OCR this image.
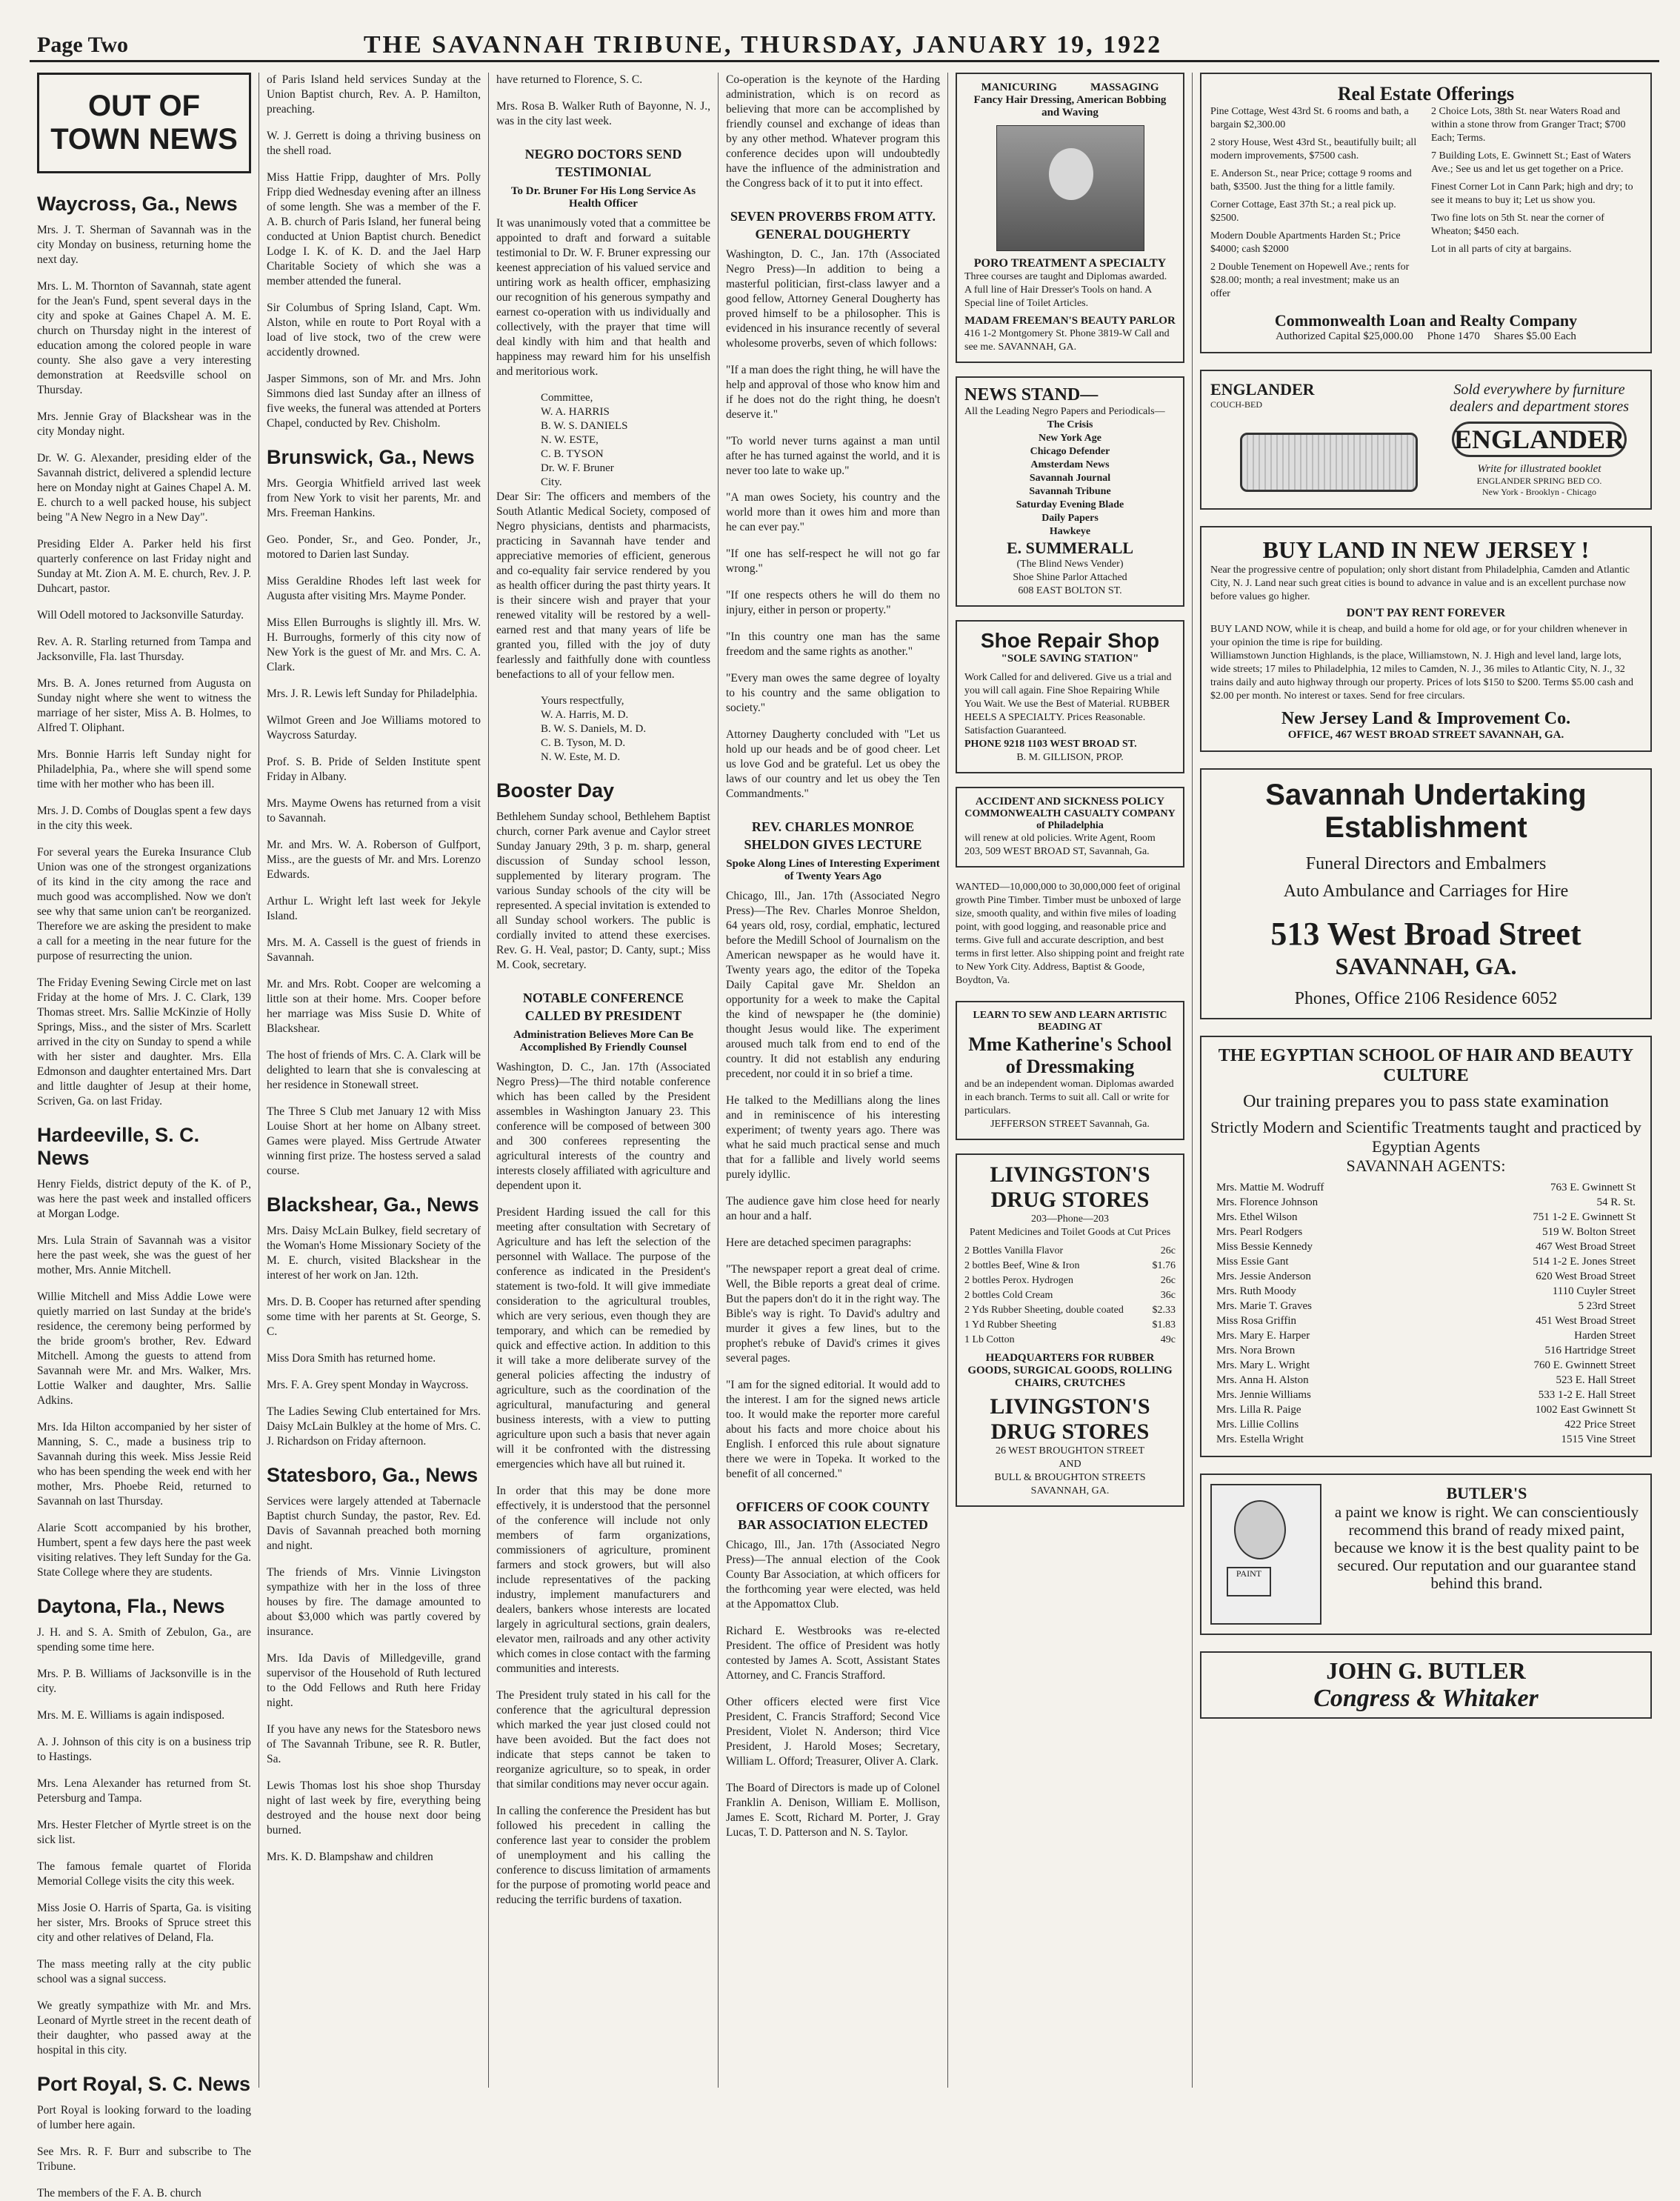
Page Two	THE SAVANNAH TRIBUNE, THURSDAY, JANUARY 19, 1922
OUT OF TOWN NEWS
Waycross, Ga., News

Mrs. J. T. Sherman of Savannah was in the city Monday on business, returning home the next day.

Mrs. L. M. Thornton of Savannah, state agent for the Jean's Fund, spent several days in the city and spoke at Gaines Chapel A. M. E. church on Thursday night in the interest of education among the colored people in ware county. She also gave a very interesting demonstration at Reedsville school on Thursday.

Mrs. Jennie Gray of Blackshear was in the city Monday night.

Dr. W. G. Alexander, presiding elder of the Savannah district, delivered a splendid lecture here on Monday night at Gaines Chapel A. M. E. church to a well packed house, his subject being "A New Negro in a New Day".

Presiding Elder A. Parker held his first quarterly conference on last Friday night and Sunday at Mt. Zion A. M. E. church, Rev. J. P. Duhcart, pastor.

Will Odell motored to Jacksonville Saturday.

Rev. A. R. Starling returned from Tampa and Jacksonville, Fla. last Thursday.

Mrs. B. A. Jones returned from Augusta on Sunday night where she went to witness the marriage of her sister, Miss A. B. Holmes, to Alfred T. Oliphant.

Mrs. Bonnie Harris left Sunday night for Philadelphia, Pa., where she will spend some time with her mother who has been ill.

Mrs. J. D. Combs of Douglas spent a few days in the city this week.

For several years the Eureka Insurance Club Union was one of the strongest organizations of its kind in the city among the race and much good was accomplished. Now we don't see why that same union can't be reorganized. Therefore we are asking the president to make a call for a meeting in the near future for the purpose of resurrecting the union.

The Friday Evening Sewing Circle met on last Friday at the home of Mrs. J. C. Clark, 139 Thomas street. Mrs. Sallie McKinzie of Holly Springs, Miss., and the sister of Mrs. Scarlett arrived in the city on Sunday to spend a while with her sister and daughter. Mrs. Ella Edmonson and daughter entertained Mrs. Dart and little daughter of Jesup at their home, Scriven, Ga. on last Friday.

Hardeeville, S. C. News

Henry Fields, district deputy of the K. of P., was here the past week and installed officers at Morgan Lodge.

Mrs. Lula Strain of Savannah was a visitor here the past week, she was the guest of her mother, Mrs. Annie Mitchell.

Willie Mitchell and Miss Addie Lowe were quietly married on last Sunday at the bride's residence, the ceremony being performed by the bride groom's brother, Rev. Edward Mitchell. Among the guests to attend from Savannah were Mr. and Mrs. Walker, Mrs. Lottie Walker and daughter, Mrs. Sallie Adkins.

Mrs. Ida Hilton accompanied by her sister of Manning, S. C., made a business trip to Savannah during this week. Miss Jessie Reid who has been spending the week end with her mother, Mrs. Phoebe Reid, returned to Savannah on last Thursday.

Alarie Scott accompanied by his brother, Humbert, spent a few days here the past week visiting relatives. They left Sunday for the Ga. State College where they are students.

Daytona, Fla., News

J. H. and S. A. Smith of Zebulon, Ga., are spending some time here.

Mrs. P. B. Williams of Jacksonville is in the city.

Mrs. M. E. Williams is again indisposed.

A. J. Johnson of this city is on a business trip to Hastings.

Mrs. Lena Alexander has returned from St. Petersburg and Tampa.

Mrs. Hester Fletcher of Myrtle street is on the sick list.

The famous female quartet of Florida Memorial College visits the city this week.

Miss Josie O. Harris of Sparta, Ga. is visiting her sister, Mrs. Brooks of Spruce street this city and other relatives of Deland, Fla.

The mass meeting rally at the city public school was a signal success.

We greatly sympathize with Mr. and Mrs. Leonard of Myrtle street in the recent death of their daughter, who passed away at the hospital in this city.

Port Royal, S. C. News

Port Royal is looking forward to the loading of lumber here again.

See Mrs. R. F. Burr and subscribe to The Tribune.

The members of the F. A. B. church

of Paris Island held services Sunday at the Union Baptist church, Rev. A. P. Hamilton, preaching.

W. J. Gerrett is doing a thriving business on the shell road.

Miss Hattie Fripp, daughter of Mrs. Polly Fripp died Wednesday evening after an illness of some length. She was a member of the F. A. B. church of Paris Island, her funeral being conducted at Union Baptist church. Benedict Lodge I. K. of K. D. and the Jael Harp Charitable Society of which she was a member attended the funeral.

Sir Columbus of Spring Island, Capt. Wm. Alston, while en route to Port Royal with a load of live stock, two of the crew were accidently drowned.

Jasper Simmons, son of Mr. and Mrs. John Simmons died last Sunday after an illness of five weeks, the funeral was attended at Porters Chapel, conducted by Rev. Chisholm.

Brunswick, Ga., News

Mrs. Georgia Whitfield arrived last week from New York to visit her parents, Mr. and Mrs. Freeman Hankins.

Geo. Ponder, Sr., and Geo. Ponder, Jr., motored to Darien last Sunday.

Miss Geraldine Rhodes left last week for Augusta after visiting Mrs. Mayme Ponder.

Miss Ellen Burroughs is slightly ill. Mrs. W. H. Burroughs, formerly of this city now of New York is the guest of Mr. and Mrs. C. A. Clark.

Mrs. J. R. Lewis left Sunday for Philadelphia.

Wilmot Green and Joe Williams motored to Waycross Saturday.

Prof. S. B. Pride of Selden Institute spent Friday in Albany.

Mrs. Mayme Owens has returned from a visit to Savannah.

Mr. and Mrs. W. A. Roberson of Gulfport, Miss., are the guests of Mr. and Mrs. Lorenzo Edwards.

Arthur L. Wright left last week for Jekyle Island.

Mrs. M. A. Cassell is the guest of friends in Savannah.

Mr. and Mrs. Robt. Cooper are welcoming a little son at their home. Mrs. Cooper before her marriage was Miss Susie D. White of Blackshear.

The host of friends of Mrs. C. A. Clark will be delighted to learn that she is convalescing at her residence in Stonewall street.

The Three S Club met January 12 with Miss Louise Short at her home on Albany street. Games were played. Miss Gertrude Atwater winning first prize. The hostess served a salad course.

Blackshear, Ga., News

Mrs. Daisy McLain Bulkey, field secretary of the Woman's Home Missionary Society of the M. E. church, visited Blackshear in the interest of her work on Jan. 12th.

Mrs. D. B. Cooper has returned after spending some time with her parents at St. George, S. C.

Miss Dora Smith has returned home.

Mrs. F. A. Grey spent Monday in Waycross.

The Ladies Sewing Club entertained for Mrs. Daisy McLain Bulkley at the home of Mrs. C. J. Richardson on Friday afternoon.

Statesboro, Ga., News

Services were largely attended at Tabernacle Baptist church Sunday, the pastor, Rev. Ed. Davis of Savannah preached both morning and night.

The friends of Mrs. Vinnie Livingston sympathize with her in the loss of three houses by fire. The damage amounted to about $3,000 which was partly covered by insurance.

Mrs. Ida Davis of Milledgeville, grand supervisor of the Household of Ruth lectured to the Odd Fellows and Ruth here Friday night.

If you have any news for the Statesboro news of The Savannah Tribune, see R. R. Butler, Sa.

Lewis Thomas lost his shoe shop Thursday night of last week by fire, everything being destroyed and the house next door being burned.

Mrs. K. D. Blampshaw and children

have returned to Florence, S. C.

Mrs. Rosa B. Walker Ruth of Bayonne, N. J., was in the city last week.

NEGRO DOCTORS SEND TESTIMONIAL
To Dr. Bruner For His Long Service As Health Officer

It was unanimously voted that a committee be appointed to draft and forward a suitable testimonial to Dr. W. F. Bruner expressing our keenest appreciation of his valued service and untiring work as health officer, emphasizing our recognition of his generous sympathy and earnest co-operation with us individually and collectively, with the prayer that time will deal kindly with him and that health and happiness may reward him for his unselfish and meritorious work.

Committee,
W. A. HARRIS
B. W. S. DANIELS
N. W. ESTE,
C. B. TYSON
Dr. W. F. Bruner
City.

Dear Sir: The officers and members of the South Atlantic Medical Society, composed of Negro physicians, dentists and pharmacists, practicing in Savannah have tender and appreciative memories of efficient, generous and co-equality fair service rendered by you as health officer during the past thirty years. It is their sincere wish and prayer that your renewed vitality will be restored by a well-earned rest and that many years of life be granted you, filled with the joy of duty fearlessly and faithfully done with countless benefactions to all of your fellow men.

Yours respectfully,
W. A. Harris, M. D.
B. W. S. Daniels, M. D.
C. B. Tyson, M. D.
N. W. Este, M. D.
Booster Day

Bethlehem Sunday school, Bethlehem Baptist church, corner Park avenue and Caylor street Sunday January 29th, 3 p. m. sharp, general discussion of Sunday school lesson, supplemented by literary program. The various Sunday schools of the city will be represented. A special invitation is extended to all Sunday school workers. The public is cordially invited to attend these exercises. Rev. G. H. Veal, pastor; D. Canty, supt.; Miss M. Cook, secretary.

NOTABLE CONFERENCE CALLED BY PRESIDENT
Administration Believes More Can Be Accomplished By Friendly Counsel

Washington, D. C., Jan. 17th (Associated Negro Press)—The third notable conference which has been called by the President assembles in Washington January 23. This conference will be composed of between 300 and 300 conferees representing the agricultural interests of the country and interests closely affiliated with agriculture and dependent upon it.

President Harding issued the call for this meeting after consultation with Secretary of Agriculture and has left the selection of the personnel with Wallace. The purpose of the conference as indicated in the President's statement is two-fold. It will give immediate consideration to the agricultural troubles, which are very serious, even though they are temporary, and which can be remedied by quick and effective action. In addition to this it will take a more deliberate survey of the general policies affecting the industry of agriculture, such as the coordination of the agricultural, manufacturing and general business interests, with a view to putting agriculture upon such a basis that never again will it be confronted with the distressing emergencies which have all but ruined it.

In order that this may be done more effectively, it is understood that the personnel of the conference will include not only members of farm organizations, commissioners of agriculture, prominent farmers and stock growers, but will also include representatives of the packing industry, implement manufacturers and dealers, bankers whose interests are located largely in agricultural sections, grain dealers, elevator men, railroads and any other activity which comes in close contact with the farming communities and interests.

The President truly stated in his call for the conference that the agricultural depression which marked the year just closed could not have been avoided. But the fact does not indicate that steps cannot be taken to reorganize agriculture, so to speak, in order that similar conditions may never occur again.

In calling the conference the President has but followed his precedent in calling the conference last year to consider the problem of unemployment and his calling the conference to discuss limitation of armaments for the purpose of promoting world peace and reducing the terrific burdens of taxation.

Co-operation is the keynote of the Harding administration, which is on record as believing that more can be accomplished by friendly counsel and exchange of ideas than by any other method. Whatever program this conference decides upon will undoubtedly have the influence of the administration and the Congress back of it to put it into effect.

SEVEN PROVERBS FROM ATTY. GENERAL DOUGHERTY

Washington, D. C., Jan. 17th (Associated Negro Press)—In addition to being a masterful politician, first-class lawyer and a good fellow, Attorney General Dougherty has proved himself to be a philosopher. This is evidenced in his insurance recently of several wholesome proverbs, seven of which follows:

"If a man does the right thing, he will have the help and approval of those who know him and if he does not do the right thing, he doesn't deserve it."

"To world never turns against a man until after he has turned against the world, and it is never too late to wake up."

"A man owes Society, his country and the world more than it owes him and more than he can ever pay."

"If one has self-respect he will not go far wrong."

"If one respects others he will do them no injury, either in person or property."

"In this country one man has the same freedom and the same rights as another."

"Every man owes the same degree of loyalty to his country and the same obligation to society."

Attorney Daugherty concluded with "Let us hold up our heads and be of good cheer. Let us love God and be grateful. Let us obey the laws of our country and let us obey the Ten Commandments."

REV. CHARLES MONROE SHELDON GIVES LECTURE
Spoke Along Lines of Interesting Experiment of Twenty Years Ago

Chicago, Ill., Jan. 17th (Associated Negro Press)—The Rev. Charles Monroe Sheldon, 64 years old, rosy, cordial, emphatic, lectured before the Medill School of Journalism on the American newspaper as he would have it. Twenty years ago, the editor of the Topeka Daily Capital gave Mr. Sheldon an opportunity for a week to make the Capital the kind of newspaper he (the dominie) thought Jesus would like. The experiment aroused much talk from end to end of the country. It did not establish any enduring precedent, nor could it in so brief a time.

He talked to the Medillians along the lines and in reminiscence of his interesting experiment; of twenty years ago. There was what he said much practical sense and much that for a fallible and lively world seems purely idyllic.

The audience gave him close heed for nearly an hour and a half.

Here are detached specimen paragraphs:

"The newspaper report a great deal of crime. Well, the Bible reports a great deal of crime. But the papers don't do it in the right way. The Bible's way is right. To David's adultry and murder it gives a few lines, but to the prophet's rebuke of David's crimes it gives several pages.

"I am for the signed editorial. It would add to the interest. I am for the signed news article too. It would make the reporter more careful about his facts and more choice about his English. I enforced this rule about signature there we were in Topeka. It worked to the benefit of all concerned."

OFFICERS OF COOK COUNTY BAR ASSOCIATION ELECTED

Chicago, Ill., Jan. 17th (Associated Negro Press)—The annual election of the Cook County Bar Association, at which officers for the forthcoming year were elected, was held at the Appomattox Club.

Richard E. Westbrooks was re-elected President. The office of President was hotly contested by James A. Scott, Assistant States Attorney, and C. Francis Strafford.

Other officers elected were first Vice President, C. Francis Strafford; Second Vice President, Violet N. Anderson; third Vice President, J. Harold Moses; Secretary, William L. Offord; Treasurer, Oliver A. Clark.

The Board of Directors is made up of Colonel Franklin A. Denison, William E. Mollison, James E. Scott, Richard M. Porter, J. Gray Lucas, T. D. Patterson and N. S. Taylor.

MANICURING            MASSAGING
Fancy Hair Dressing, American Bobbing and Waving
PORO TREATMENT A SPECIALTY
Three courses are taught and Diplomas awarded. A full line of Hair Dresser's Tools on hand. A Special line of Toilet Articles.
MADAM FREEMAN'S BEAUTY PARLOR
416 1-2 Montgomery St. Phone 3819-W Call and see me. SAVANNAH, GA.
NEWS STAND—
All the Leading Negro Papers and Periodicals—
The Crisis
New York Age
Chicago Defender
Amsterdam News
Savannah Journal
Savannah Tribune
Saturday Evening Blade
Daily Papers
Hawkeye
E. SUMMERALL
(The Blind News Vender)
Shoe Shine Parlor Attached
608 EAST BOLTON ST.
Shoe Repair Shop
"SOLE SAVING STATION"
Work Called for and delivered. Give us a trial and you will call again. Fine Shoe Repairing While You Wait. We use the Best of Material. RUBBER HEELS A SPECIALTY. Prices Reasonable. Satisfaction Guaranteed.
PHONE 9218 1103 WEST BROAD ST.
B. M. GILLISON, PROP.
ACCIDENT AND SICKNESS POLICY
COMMONWEALTH CASUALTY COMPANY of Philadelphia
will renew at old policies. Write Agent, Room 203, 509 WEST BROAD ST, Savannah, Ga.
WANTED—10,000,000 to 30,000,000 feet of original growth Pine Timber. Timber must be unboxed of large size, smooth quality, and within five miles of loading point, with good logging, and reasonable price and terms. Give full and accurate description, and best terms in first letter. Also shipping point and freight rate to New York City. Address, Baptist & Goode, Boydton, Va.
LEARN TO SEW AND LEARN ARTISTIC BEADING AT
Mme Katherine's School of Dressmaking
and be an independent woman. Diplomas awarded in each branch. Terms to suit all. Call or write for particulars.
JEFFERSON STREET Savannah, Ga.
LIVINGSTON'S DRUG STORES
203—Phone—203
Patent Medicines and Toilet Goods at Cut Prices
2 Bottles Vanilla Flavor	26c
2 bottles Beef, Wine & Iron	$1.76
2 bottles Perox. Hydrogen	26c
2 bottles Cold Cream	36c
2 Yds Rubber Sheeting, double coated	$2.33
1 Yd Rubber Sheeting	$1.83
1 Lb Cotton	49c
HEADQUARTERS FOR RUBBER GOODS, SURGICAL GOODS, ROLLING CHAIRS, CRUTCHES
LIVINGSTON'S DRUG STORES
26 WEST BROUGHTON STREET
AND
BULL & BROUGHTON STREETS
SAVANNAH, GA.
Real Estate Offerings
Pine Cottage, West 43rd St. 6 rooms and bath, a bargain $2,300.00
2 story House, West 43rd St., beautifully built; all modern improvements, $7500 cash.
E. Anderson St., near Price; cottage 9 rooms and bath, $3500. Just the thing for a little family.
Corner Cottage, East 37th St.; a real pick up. $2500.
Modern Double Apartments Harden St.; Price $4000; cash $2000
2 Double Tenement on Hopewell Ave.; rents for $28.00; month; a real investment; make us an offer
2 Choice Lots, 38th St. near Waters Road and within a stone throw from Granger Tract; $700 Each; Terms.
7 Building Lots, E. Gwinnett St.; East of Waters Ave.; See us and let us get together on a Price.
Finest Corner Lot in Cann Park; high and dry; to see it means to buy it; Let us show you.
Two fine lots on 5th St. near the corner of Wheaton; $450 each.
Lot in all parts of city at bargains.
Commonwealth Loan and Realty Company
Authorized Capital $25,000.00     Phone 1470     Shares $5.00 Each
ENGLANDER
COUCH-BED
Sold everywhere by furniture dealers and department stores
ENGLANDER
Write for illustrated booklet
ENGLANDER SPRING BED CO.
New York - Brooklyn - Chicago
BUY LAND IN NEW JERSEY !
Near the progressive centre of population; only short distant from Philadelphia, Camden and Atlantic City, N. J. Land near such great cities is bound to advance in value and is an excellent purchase now before values go higher.
DON'T PAY RENT FOREVER
BUY LAND NOW, while it is cheap, and build a home for old age, or for your children whenever in your opinion the time is ripe for building.
Williamstown Junction Highlands, is the place, Williamstown, N. J. High and level land, large lots, wide streets; 17 miles to Philadelphia, 12 miles to Camden, N. J., 36 miles to Atlantic City, N. J., 32 trains daily and auto highway through our property. Prices of lots $150 to $200. Terms $5.00 cash and $2.00 per month. No interest or taxes. Send for free circulars.
New Jersey Land & Improvement Co.
OFFICE, 467 WEST BROAD STREET SAVANNAH, GA.
Savannah Undertaking Establishment
Funeral Directors and Embalmers
Auto Ambulance and Carriages for Hire
513 West Broad Street
SAVANNAH, GA.
Phones, Office 2106 Residence 6052
THE EGYPTIAN SCHOOL OF HAIR AND BEAUTY CULTURE
Our training prepares you to pass state examination
Strictly Modern and Scientific Treatments taught and practiced by Egyptian Agents
SAVANNAH AGENTS:
Mrs. Mattie M. Wodruff	763 E. Gwinnett St
Mrs. Florence Johnson	54 R. St.
Mrs. Ethel Wilson	751 1-2 E. Gwinnett St
Mrs. Pearl Rodgers	519 W. Bolton Street
Miss Bessie Kennedy	467 West Broad Street
Miss Essie Gant	514 1-2 E. Jones Street
Mrs. Jessie Anderson	620 West Broad Street
Mrs. Ruth Moody	1110 Cuyler Street
Mrs. Marie T. Graves	5 23rd Street
Miss Rosa Griffin	451 West Broad Street
Mrs. Mary E. Harper	Harden Street
Mrs. Nora Brown	516 Hartridge Street
Mrs. Mary L. Wright	760 E. Gwinnett Street
Mrs. Anna H. Alston	523 E. Hall Street
Mrs. Jennie Williams	533 1-2 E. Hall Street
Mrs. Lilla R. Paige	1002 East Gwinnett St
Mrs. Lillie Collins	422 Price Street
Mrs. Estella Wright	1515 Vine Street
PAINT
BUTLER'S
a paint we know is right. We can conscientiously recommend this brand of ready mixed paint, because we know it is the best quality paint to be secured. Our reputation and our guarantee stand behind this brand.
JOHN G. BUTLER
Congress & Whitaker
